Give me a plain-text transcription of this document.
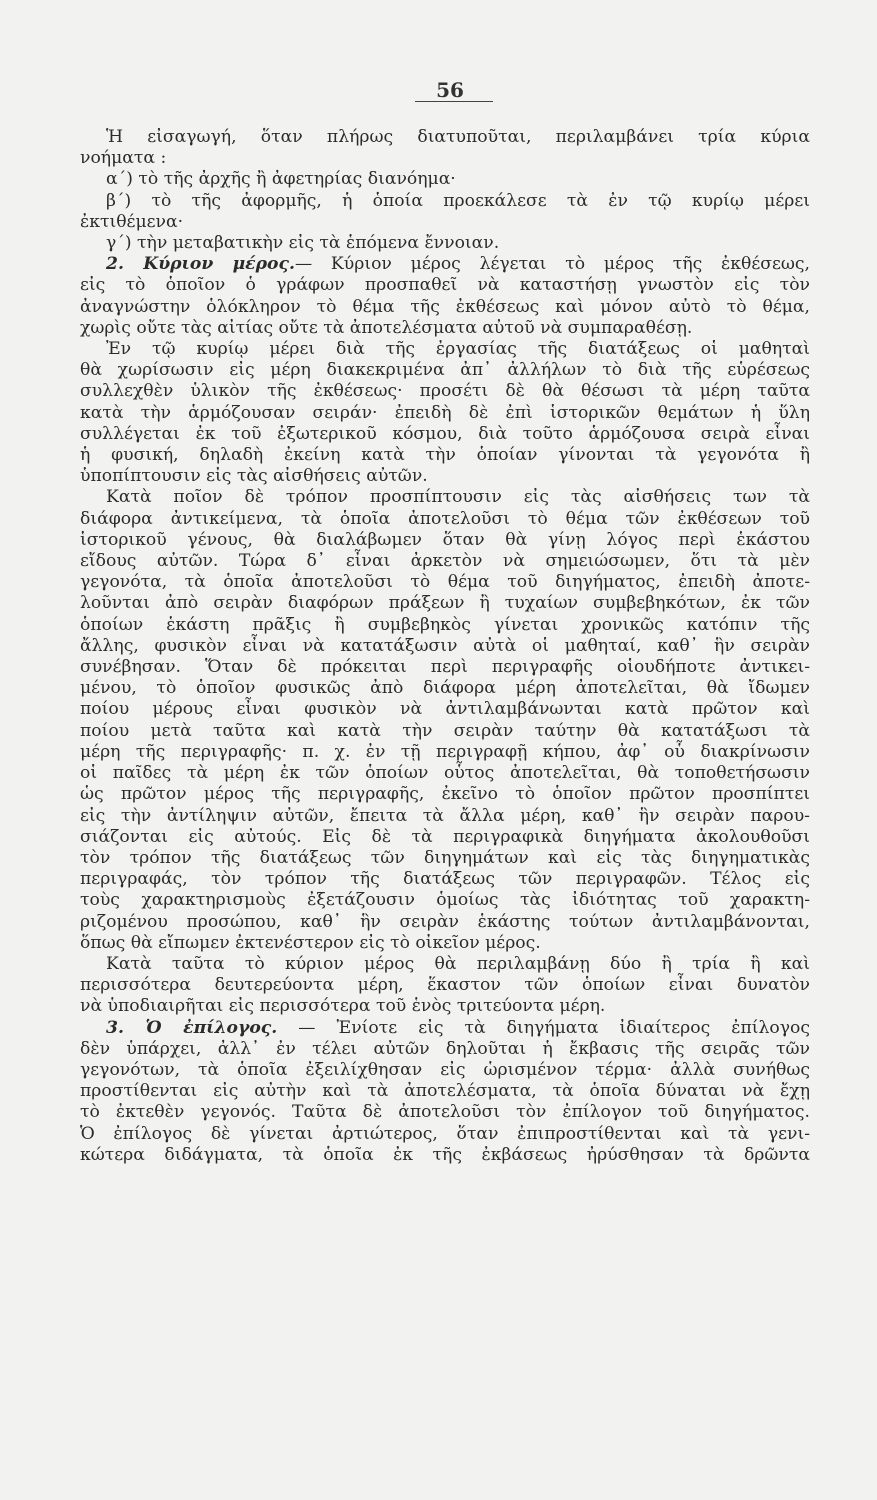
56
Ἡ εἰσαγωγή, ὅταν πλήρως διατυποῦται, περιλαμβάνει τρία κύρια
νοήματα :
α΄) τὸ τῆς ἀρχῆς ἢ ἀφετηρίας διανόημα·
β΄) τὸ τῆς ἀφορμῆς, ἡ ὁποία προεκάλεσε τὰ ἐν τῷ κυρίῳ μέρει
ἐκτιθέμενα·
γ΄) τὴν μεταβατικὴν εἰς τὰ ἑπόμενα ἔννοιαν.
2. Κύριον μέρος.— Κύριον μέρος λέγεται τὸ μέρος τῆς ἐκθέσεως,
εἰς τὸ ὁποῖον ὁ γράφων προσπαθεῖ νὰ καταστήσῃ γνωστὸν εἰς τὸν
ἀναγνώστην ὁλόκληρον τὸ θέμα τῆς ἐκθέσεως καὶ μόνον αὐτὸ τὸ θέμα,
χωρὶς οὔτε τὰς αἰτίας οὔτε τὰ ἀποτελέσματα αὐτοῦ νὰ συμπαραθέσῃ.
Ἐν τῷ κυρίῳ μέρει διὰ τῆς ἐργασίας τῆς διατάξεως οἱ μαθηταὶ
θὰ χωρίσωσιν εἰς μέρη διακεκριμένα ἀπ᾽ ἀλλήλων τὸ διὰ τῆς εὑρέσεως
συλλεχθὲν ὑλικὸν τῆς ἐκθέσεως· προσέτι δὲ θὰ θέσωσι τὰ μέρη ταῦτα
κατὰ τὴν ἁρμόζουσαν σειράν· ἐπειδὴ δὲ ἐπὶ ἱστορικῶν θεμάτων ἡ ὕλη
συλλέγεται ἐκ τοῦ ἐξωτερικοῦ κόσμου, διὰ τοῦτο ἁρμόζουσα σειρὰ εἶναι
ἡ φυσική, δηλαδὴ ἐκείνη κατὰ τὴν ὁποίαν γίνονται τὰ γεγονότα ἢ
ὑποπίπτουσιν εἰς τὰς αἰσθήσεις αὐτῶν.
Κατὰ ποῖον δὲ τρόπον προσπίπτουσιν εἰς τὰς αἰσθήσεις των τὰ
διάφορα ἀντικείμενα, τὰ ὁποῖα ἀποτελοῦσι τὸ θέμα τῶν ἐκθέσεων τοῦ
ἱστορικοῦ γένους, θὰ διαλάβωμεν ὅταν θὰ γίνῃ λόγος περὶ ἑκάστου
εἴδους αὐτῶν. Τώρα δ᾽ εἶναι ἀρκετὸν νὰ σημειώσωμεν, ὅτι τὰ μὲν
γεγονότα, τὰ ὁποῖα ἀποτελοῦσι τὸ θέμα τοῦ διηγήματος, ἐπειδὴ ἀποτε-
λοῦνται ἀπὸ σειρὰν διαφόρων πράξεων ἢ τυχαίων συμβεβηκότων, ἐκ τῶν
ὁποίων ἑκάστη πρᾶξις ἢ συμβεβηκὸς γίνεται χρονικῶς κατόπιν τῆς
ἄλλης, φυσικὸν εἶναι νὰ κατατάξωσιν αὐτὰ οἱ μαθηταί, καθ᾽ ἣν σειρὰν
συνέβησαν. Ὅταν δὲ πρόκειται περὶ περιγραφῆς οἱουδήποτε ἀντικει-
μένου, τὸ ὁποῖον φυσικῶς ἀπὸ διάφορα μέρη ἀποτελεῖται, θὰ ἴδωμεν
ποίου μέρους εἶναι φυσικὸν νὰ ἀντιλαμβάνωνται κατὰ πρῶτον καὶ
ποίου μετὰ ταῦτα καὶ κατὰ τὴν σειρὰν ταύτην θὰ κατατάξωσι τὰ
μέρη τῆς περιγραφῆς· π. χ. ἐν τῇ περιγραφῇ κήπου, ἀφ᾽ οὗ διακρίνωσιν
οἱ παῖδες τὰ μέρη ἐκ τῶν ὁποίων οὗτος ἀποτελεῖται, θὰ τοποθετήσωσιν
ὡς πρῶτον μέρος τῆς περιγραφῆς, ἐκεῖνο τὸ ὁποῖον πρῶτον προσπίπτει
εἰς τὴν ἀντίληψιν αὐτῶν, ἔπειτα τὰ ἄλλα μέρη, καθ᾽ ἣν σειρὰν παρου-
σιάζονται εἰς αὐτούς. Εἰς δὲ τὰ περιγραφικὰ διηγήματα ἀκολουθοῦσι
τὸν τρόπον τῆς διατάξεως τῶν διηγημάτων καὶ εἰς τὰς διηγηματικὰς
περιγραφάς, τὸν τρόπον τῆς διατάξεως τῶν περιγραφῶν. Τέλος εἰς
τοὺς χαρακτηρισμοὺς ἐξετάζουσιν ὁμοίως τὰς ἰδιότητας τοῦ χαρακτη-
ριζομένου προσώπου, καθ᾽ ἣν σειρὰν ἑκάστης τούτων ἀντιλαμβάνονται,
ὅπως θὰ εἴπωμεν ἐκτενέστερον εἰς τὸ οἰκεῖον μέρος.
Κατὰ ταῦτα τὸ κύριον μέρος θὰ περιλαμβάνῃ δύο ἢ τρία ἢ καὶ
περισσότερα δευτερεύοντα μέρη, ἕκαστον τῶν ὁποίων εἶναι δυνατὸν
νὰ ὑποδιαιρῆται εἰς περισσότερα τοῦ ἑνὸς τριτεύοντα μέρη.
3. Ὁ ἐπίλογος. — Ἐνίοτε εἰς τὰ διηγήματα ἰδιαίτερος ἐπίλογος
δὲν ὑπάρχει, ἀλλ᾽ ἐν τέλει αὐτῶν δηλοῦται ἡ ἔκβασις τῆς σειρᾶς τῶν
γεγονότων, τὰ ὁποῖα ἐξειλίχθησαν εἰς ὡρισμένον τέρμα· ἀλλὰ συνήθως
προστίθενται εἰς αὐτὴν καὶ τὰ ἀποτελέσματα, τὰ ὁποῖα δύναται νὰ ἔχῃ
τὸ ἐκτεθὲν γεγονός. Ταῦτα δὲ ἀποτελοῦσι τὸν ἐπίλογον τοῦ διηγήματος.
Ὁ ἐπίλογος δὲ γίνεται ἀρτιώτερος, ὅταν ἐπιπροστίθενται καὶ τὰ γενι-
κώτερα διδάγματα, τὰ ὁποῖα ἐκ τῆς ἐκβάσεως ἠρύσθησαν τὰ δρῶντα
